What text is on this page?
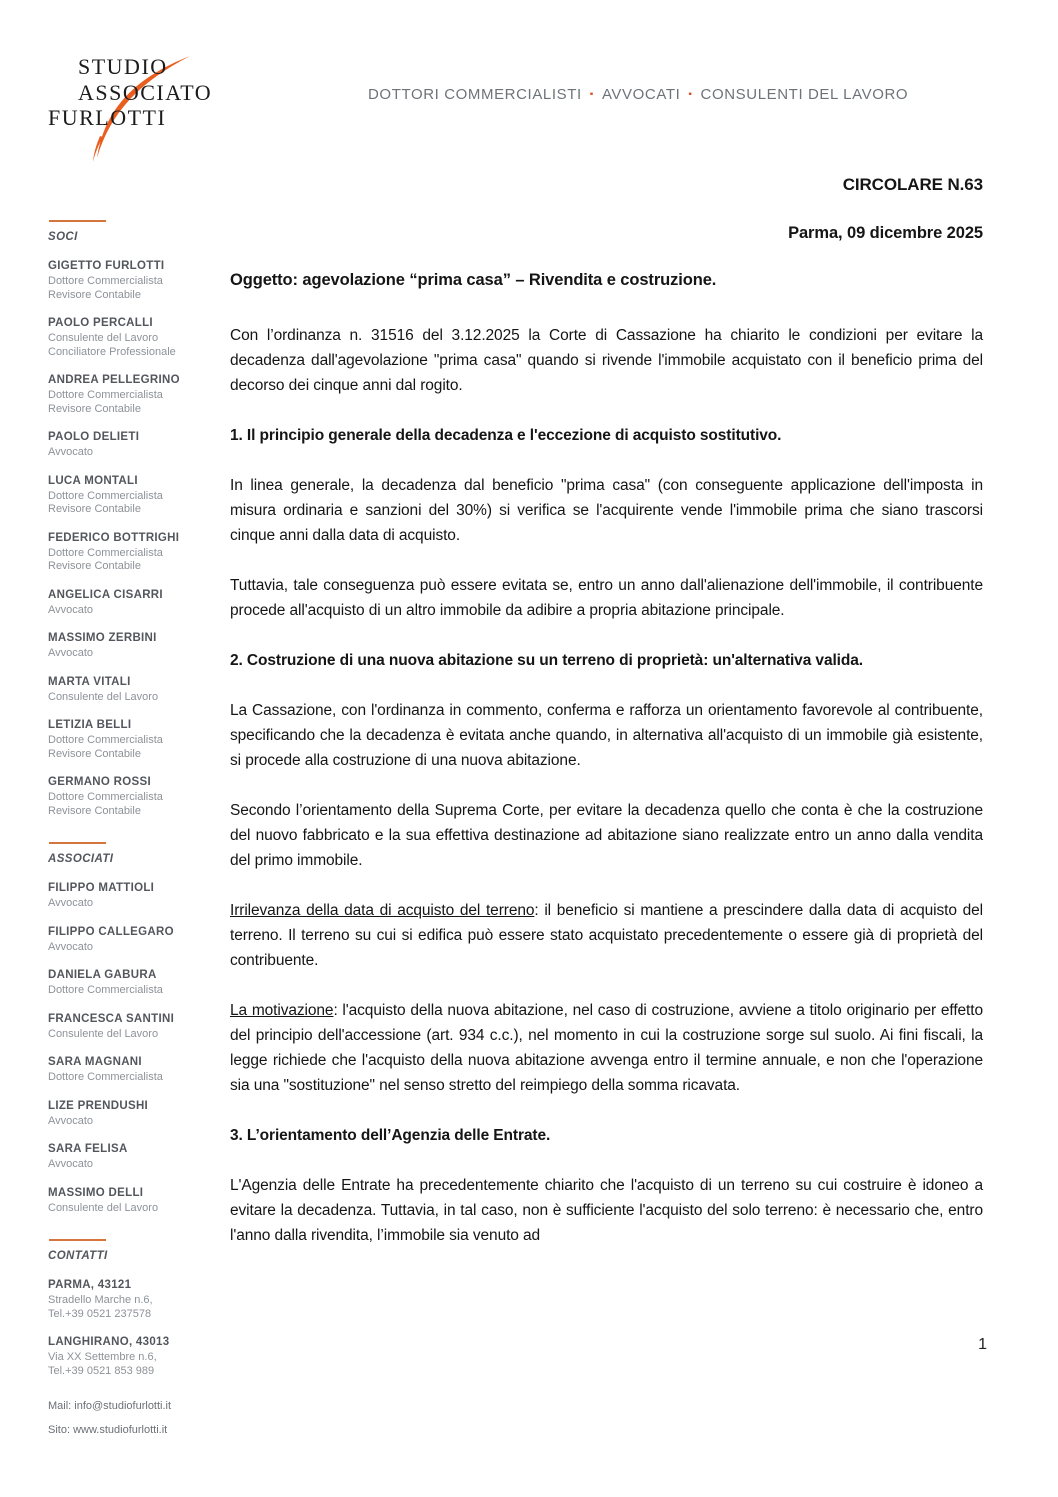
STUDIO
ASSOCIATO
FURLOTTI
DOTTORI COMMERCIALISTI ▪ AVVOCATI ▪ CONSULENTI DEL LAVORO
SOCI
GIGETTO FURLOTTI
Dottore Commercialista
Revisore Contabile
PAOLO PERCALLI
Consulente del Lavoro
Conciliatore Professionale
ANDREA PELLEGRINO
Dottore Commercialista
Revisore Contabile
PAOLO DELIETI
Avvocato
LUCA MONTALI
Dottore Commercialista
Revisore Contabile
FEDERICO BOTTRIGHI
Dottore Commercialista
Revisore Contabile
ANGELICA CISARRI
Avvocato
MASSIMO ZERBINI
Avvocato
MARTA VITALI
Consulente del Lavoro
LETIZIA BELLI
Dottore Commercialista
Revisore Contabile
GERMANO ROSSI
Dottore Commercialista
Revisore Contabile
ASSOCIATI
FILIPPO MATTIOLI
Avvocato
FILIPPO CALLEGARO
Avvocato
DANIELA GABURA
Dottore Commercialista
FRANCESCA SANTINI
Consulente del Lavoro
SARA MAGNANI
Dottore Commercialista
LIZE PRENDUSHI
Avvocato
SARA FELISA
Avvocato
MASSIMO DELLI
Consulente del Lavoro
CONTATTI
PARMA, 43121
Stradello Marche n.6,
Tel.+39 0521 237578
LANGHIRANO, 43013
Via XX Settembre n.6,
Tel.+39 0521 853 989
Mail: info@studiofurlotti.it
Sito: www.studiofurlotti.it
CIRCOLARE N.63
Parma, 09 dicembre 2025
Oggetto: agevolazione “prima casa” – Rivendita e costruzione.
Con l’ordinanza n. 31516 del 3.12.2025 la Corte di Cassazione ha chiarito le condizioni per evitare la decadenza dall'agevolazione "prima casa" quando si rivende l'immobile acquistato con il beneficio prima del decorso dei cinque anni dal rogito.
1. Il principio generale della decadenza e l'eccezione di acquisto sostitutivo.
In linea generale, la decadenza dal beneficio "prima casa" (con conseguente applicazione dell'imposta in misura ordinaria e sanzioni del 30%) si verifica se l'acquirente vende l'immobile prima che siano trascorsi cinque anni dalla data di acquisto.
Tuttavia, tale conseguenza può essere evitata se, entro un anno dall'alienazione dell'immobile, il contribuente procede all'acquisto di un altro immobile da adibire a propria abitazione principale.
2. Costruzione di una nuova abitazione su un terreno di proprietà: un'alternativa valida.
La Cassazione, con l'ordinanza in commento, conferma e rafforza un orientamento favorevole al contribuente, specificando che la decadenza è evitata anche quando, in alternativa all'acquisto di un immobile già esistente, si procede alla costruzione di una nuova abitazione.
Secondo l’orientamento della Suprema Corte, per evitare la decadenza quello che conta è che la costruzione del nuovo fabbricato e la sua effettiva destinazione ad abitazione siano realizzate entro un anno dalla vendita del primo immobile.
Irrilevanza della data di acquisto del terreno: il beneficio si mantiene a prescindere dalla data di acquisto del terreno. Il terreno su cui si edifica può essere stato acquistato precedentemente o essere già di proprietà del contribuente.
La motivazione: l'acquisto della nuova abitazione, nel caso di costruzione, avviene a titolo originario per effetto del principio dell'accessione (art. 934 c.c.), nel momento in cui la costruzione sorge sul suolo. Ai fini fiscali, la legge richiede che l'acquisto della nuova abitazione avvenga entro il termine annuale, e non che l'operazione sia una "sostituzione" nel senso stretto del reimpiego della somma ricavata.
3. L’orientamento dell’Agenzia delle Entrate.
L'Agenzia delle Entrate ha precedentemente chiarito che l'acquisto di un terreno su cui costruire è idoneo a evitare la decadenza. Tuttavia, in tal caso, non è sufficiente l'acquisto del solo terreno: è necessario che, entro l'anno dalla rivendita, l’immobile sia venuto ad
1
